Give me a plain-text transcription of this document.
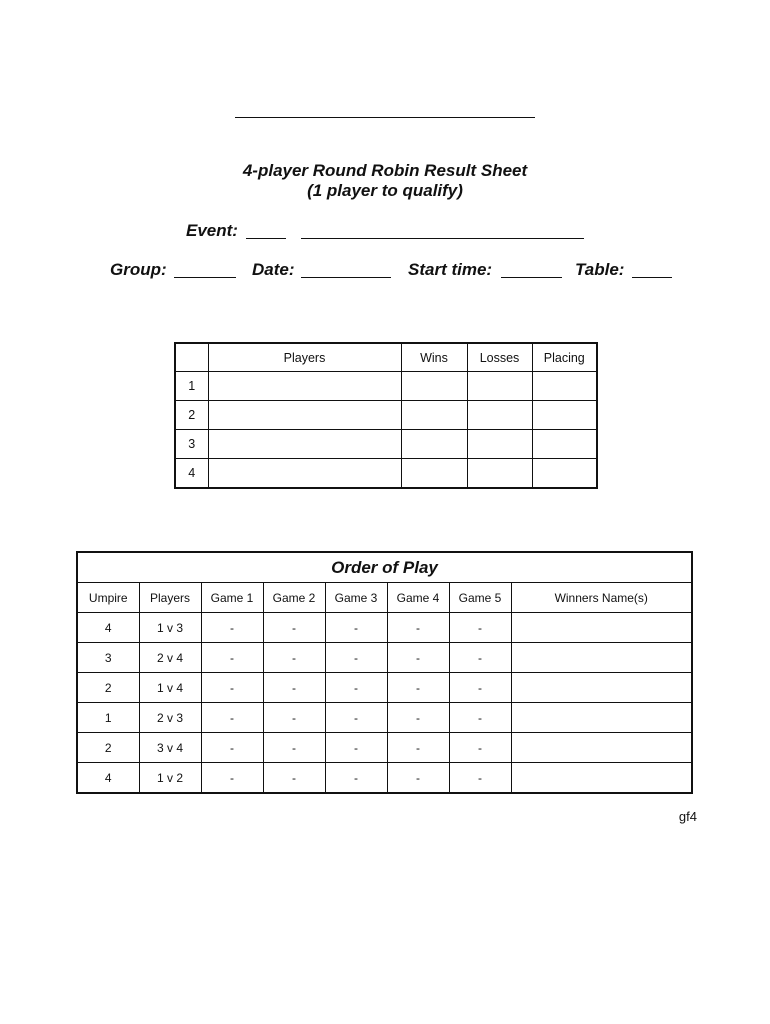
4-player Round Robin Result Sheet
(1 player to qualify)
Event:
Group:	Date:	Start time:	Table:
	Players	Wins	Losses	Placing
1				
2				
3				
4				
Order of Play							
Umpire	Players	Game 1	Game 2	Game 3	Game 4	Game 5	Winners Name(s)
4	1 v 3	-	-	-	-	-	
3	2 v 4	-	-	-	-	-	
2	1 v 4	-	-	-	-	-	
1	2 v 3	-	-	-	-	-	
2	3 v 4	-	-	-	-	-	
4	1 v 2	-	-	-	-	-	
gf4
